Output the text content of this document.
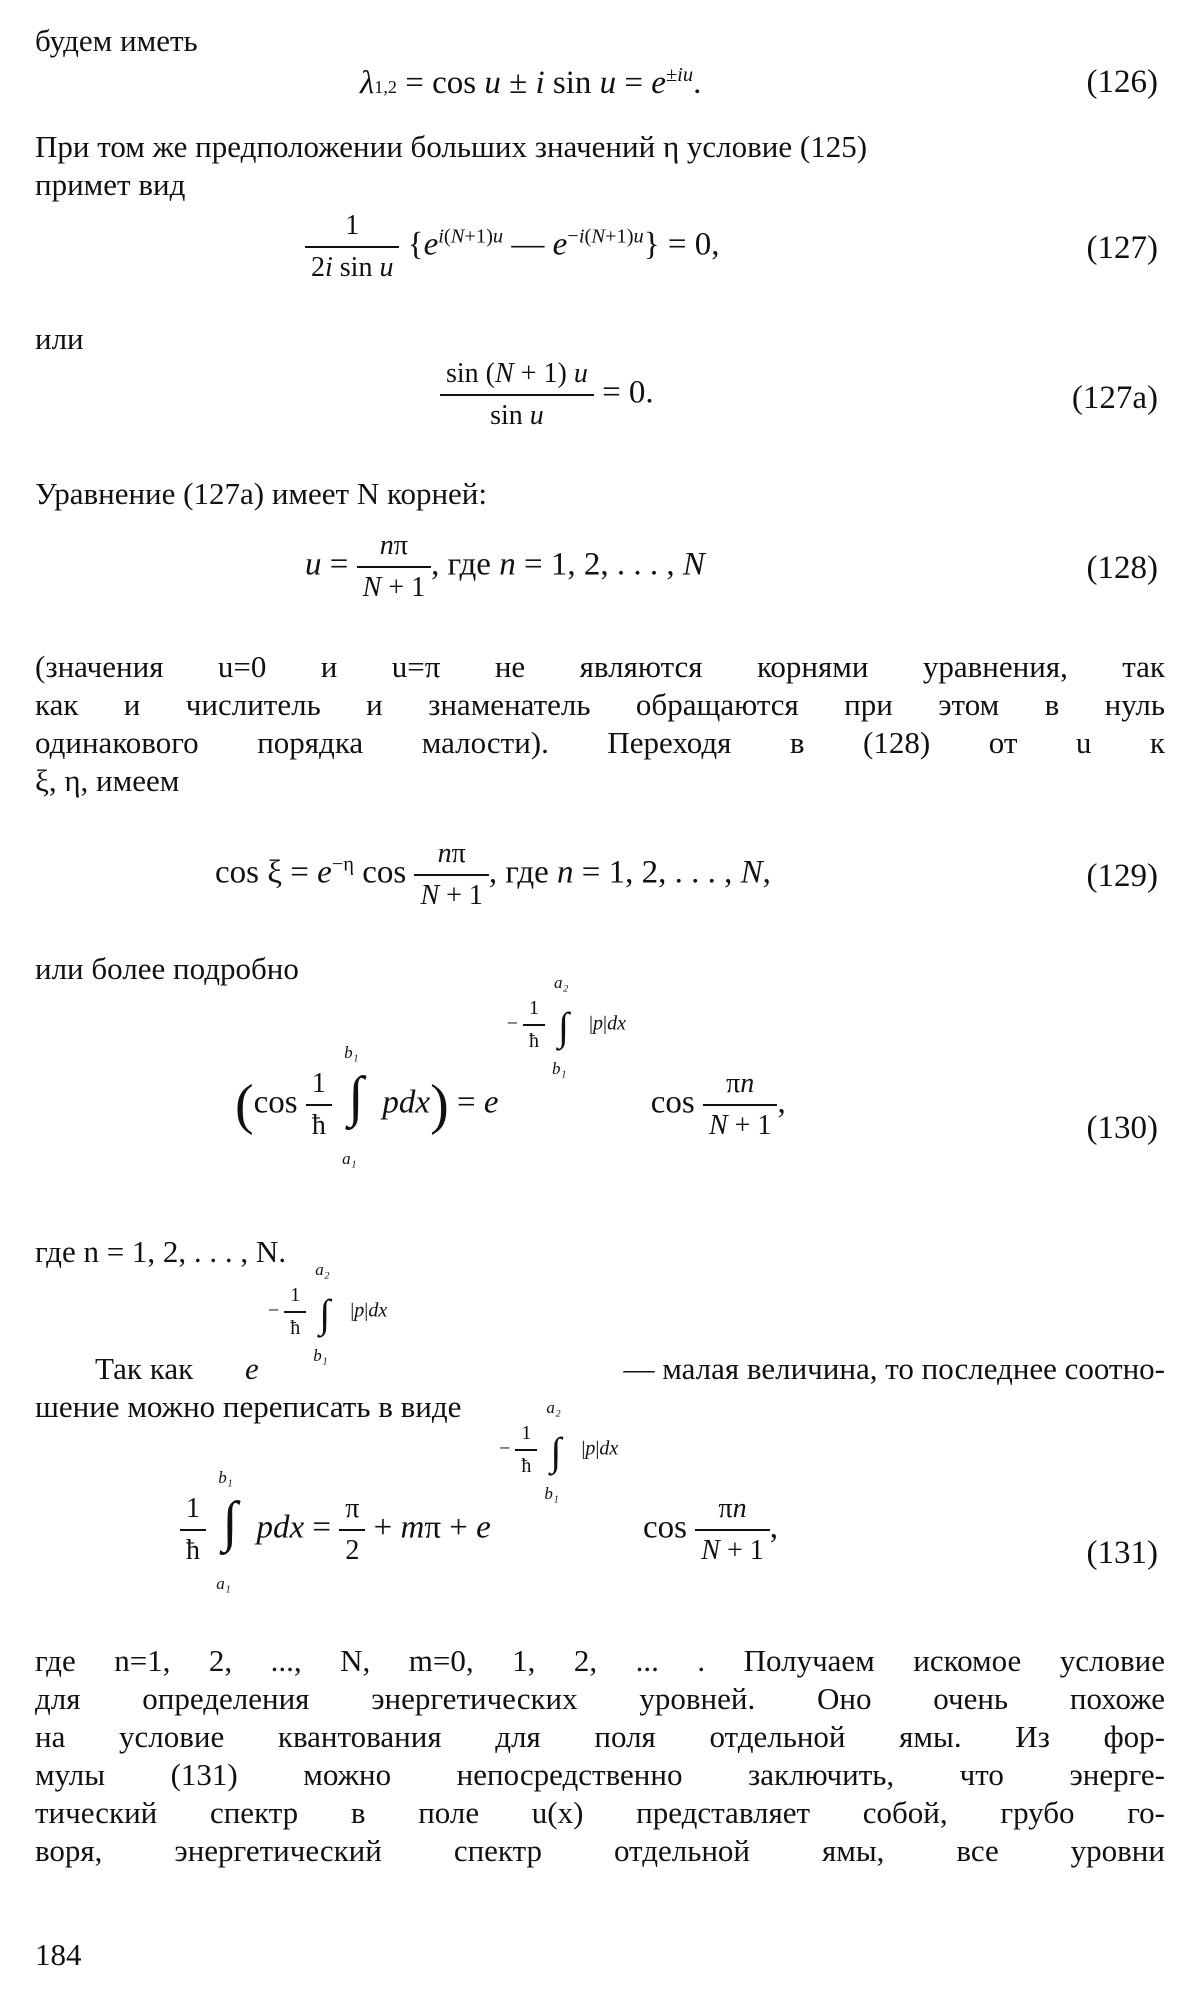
будем иметь
λ1,2 = cos u ± i $\sin u = e^{\pm iu}$.	(126)
При том же предположении больших значений η условие (125)
примет вид
$\frac{1}{\text{2i sin u}} \{e^{i(N+1)u}$ — $e^{-i(N+1)u}\} = 0$,	(127)
или
$\frac{\sin (N + 1) u}{\text{sin u}} = 0$.	(127а)
Уравнение (127а) имеет N корней:
$u = \frac{n\pi}{N + 1}$ , где n = 1, 2, . . . , N	(128)
(значения u=0 и u=π не являются корнями уравнения, так
как и числитель и знаменатель обращаются при этом в нуль
одинакового порядка малости). Переходя в (128) от u к
ξ, η, имеем
$\cos \xi = e^{-\eta}$ $\cos \frac{n\pi}{N + 1}$ , где n = 1, 2, . . . , N,	(129)
или более подробно
($\cos \frac{1}{ħ}$

b₁
∫
a₁
$pdx) = e - \frac{1}{ħ}$

a₂
∫
b₁
|p|dx   $\cos \frac{\pi n}{N + 1}$ ,
(130)
где n = 1, 2, . . . , N.
− $\frac{1}{ħ}$

a₂
∫
b₁
|p|dx
Так как	e	— малая величина, то последнее соотно-
шение можно переписать в виде
$\frac{1}{ħ}$

b₁
∫
a₁
pdx = $\frac{\pi}{2} + m\pi + e - \frac{1}{ħ}$

a₂
∫
b₁
|p|dx   $\cos \frac{\pi n}{N + 1}$ ,
(131)
где n=1, 2, ..., N, m=0, 1, 2, ... . Получаем искомое условие
для определения энергетических уровней. Оно очень похоже
на условие квантования для поля отдельной ямы. Из фор-
мулы (131) можно непосредственно заключить, что энерге-
тический спектр в поле u(x) представляет собой, грубо го-
воря, энергетический спектр отдельной ямы, все уровни
184
